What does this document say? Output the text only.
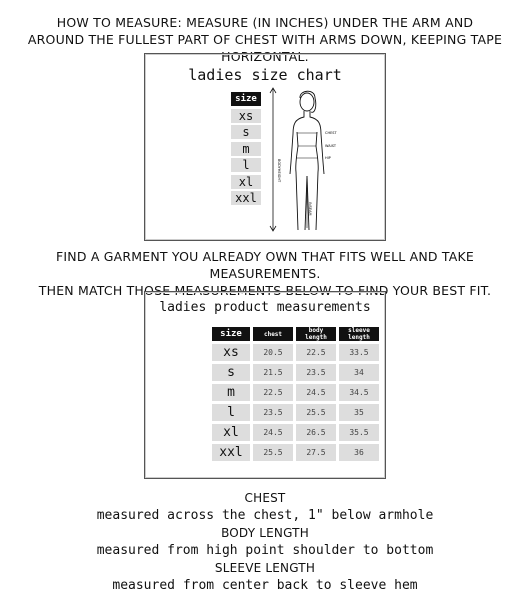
HOW TO MEASURE: MEASURE (IN INCHES) UNDER THE ARM AND
AROUND THE FULLEST PART OF CHEST WITH ARMS DOWN, KEEPING TAPE HORIZONTAL.
ladies size chart
size
xs
s
m
l
xl
xxl
BODYHEIGHT
CHEST
WAIST
HIP
INSEAM
FIND A GARMENT YOU ALREADY OWN THAT FITS WELL AND TAKE MEASUREMENTS.
THEN MATCH THOSE MEASUREMENTS BELOW TO FIND YOUR BEST FIT.
ladies product measurements
size	chest	body length	sleeve length
xs	20.5	22.5	33.5
s	21.5	23.5	34
m	22.5	24.5	34.5
l	23.5	25.5	35
xl	24.5	26.5	35.5
xxl	25.5	27.5	36
CHEST
measured across the chest, 1" below armhole
BODY LENGTH
measured from high point shoulder to bottom
SLEEVE LENGTH
measured from center back to sleeve hem
